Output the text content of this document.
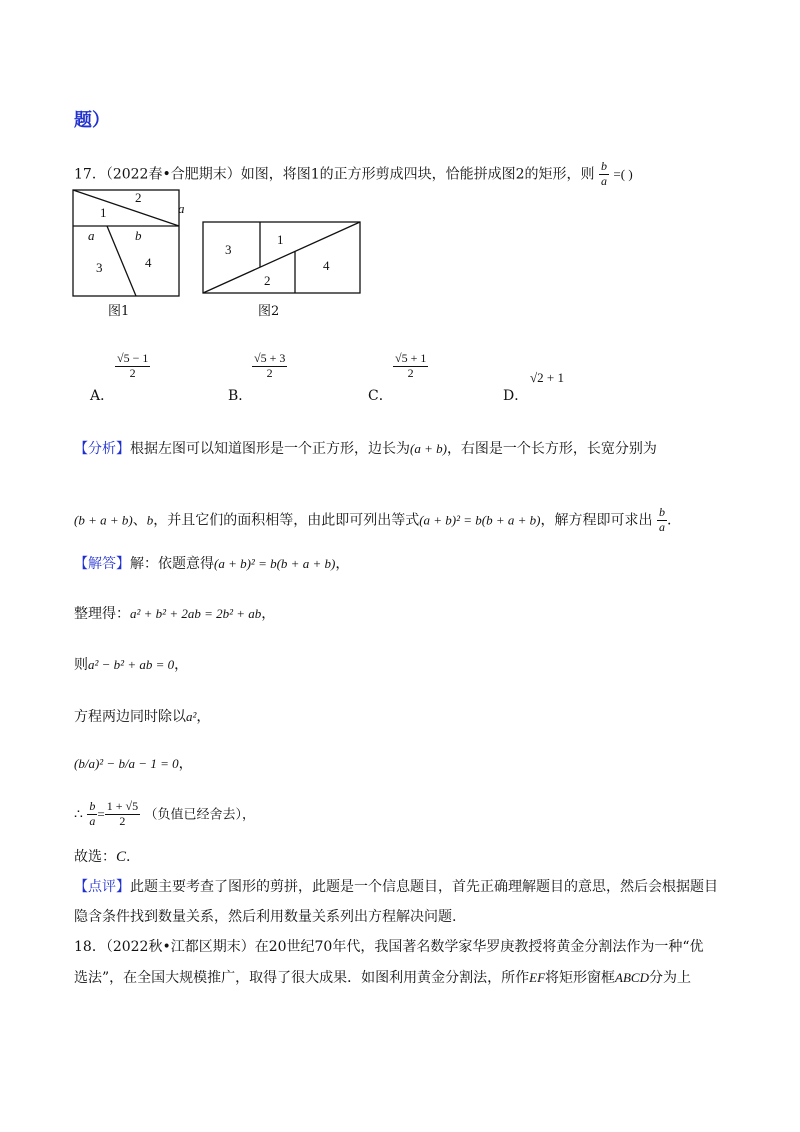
题）
17．（2022春•合肥期末）如图，将图1的正方形剪成四块，恰能拼成图2的矩形，则 $\frac{b}{a}$ =( )
2
1	a
a	b
3	4
图1
3
1
2
4
图2
A．
$\frac{√5 - 1}{2}$
B．
$\frac{√5 + 3}{2}$
C．
$\frac{√5 + 1}{2}$
D．
√2 + 1
【分析】根据左图可以知道图形是一个正方形，边长为(a + b)，右图是一个长方形，长宽分别为
(b + a + b)、b，并且它们的面积相等，由此即可列出等式(a + b)² = b(b + a + b)，解方程即可求出 $\frac{b}{a}$ .
【解答】解：依题意得(a + b)² = b(b + a + b)，
整理得：a² + b² + 2ab = 2b² + ab，
则a² − b² + ab = 0，
方程两边同时除以a²，
(b/a)² − b/a − 1 = 0，
∴ $\frac{b}{a} = \frac{1 + √5}{2}$ （负值已经舍去），
故选：C.
【点评】此题主要考查了图形的剪拼，此题是一个信息题目，首先正确理解题目的意思，然后会根据题目
隐含条件找到数量关系，然后利用数量关系列出方程解决问题.
18．（2022秋•江都区期末）在20世纪70年代，我国著名数学家华罗庚教授将黄金分割法作为一种“优
选法”，在全国大规模推广，取得了很大成果．如图利用黄金分割法，所作EF将矩形窗框ABCD分为上
